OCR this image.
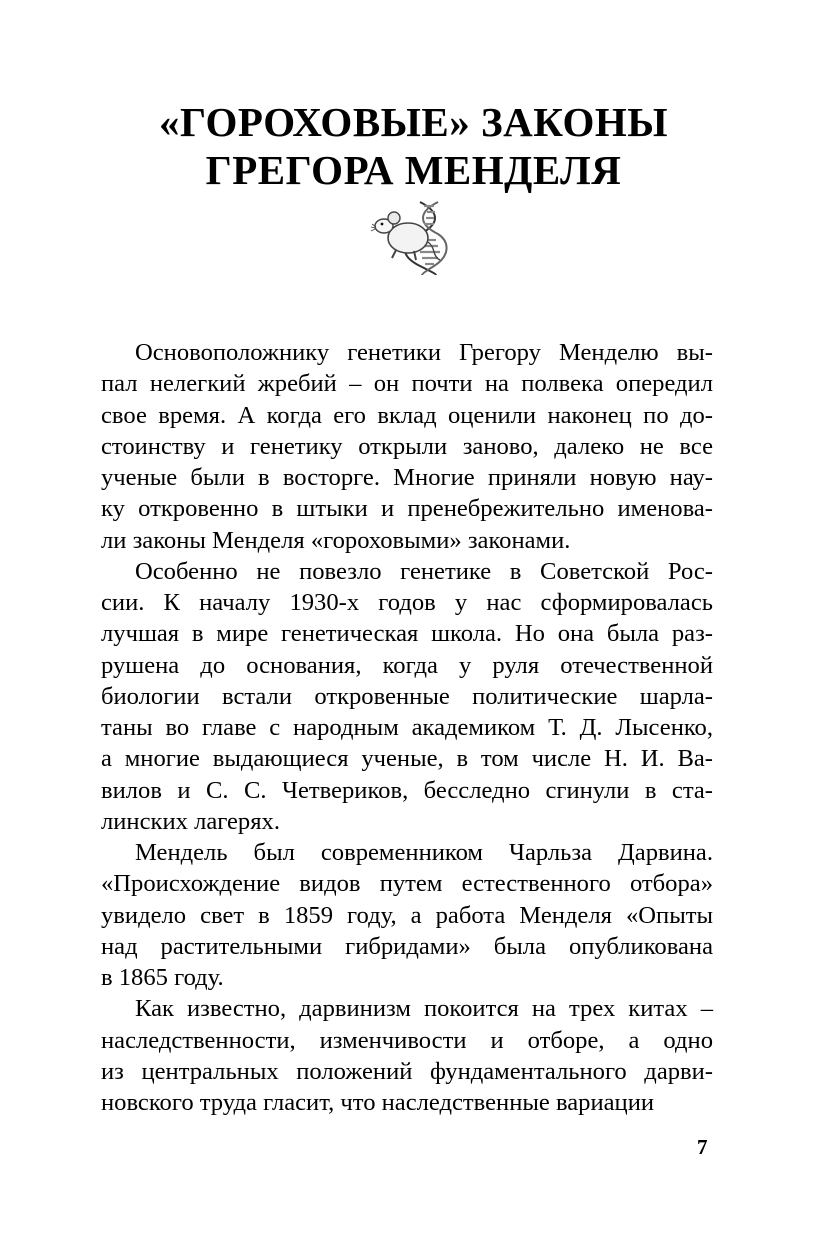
«ГОРОХОВЫЕ» ЗАКОНЫ
ГРЕГОРА МЕНДЕЛЯ
Основоположнику генетики Грегору Менделю вы-
пал нелегкий жребий – он почти на полвека опередил
свое время. А когда его вклад оценили наконец по до-
стоинству и генетику открыли заново, далеко не все
ученые были в восторге. Многие приняли новую нау-
ку откровенно в штыки и пренебрежительно именова-
ли законы Менделя «гороховыми» законами.
Особенно не повезло генетике в Советской Рос-
сии. К началу 1930-х годов у нас сформировалась
лучшая в мире генетическая школа. Но она была раз-
рушена до основания, когда у руля отечественной
биологии встали откровенные политические шарла-
таны во главе с народным академиком Т. Д. Лысенко,
а многие выдающиеся ученые, в том числе Н. И. Ва-
вилов и С. С. Четвериков, бесследно сгинули в ста-
линских лагерях.
Мендель был современником Чарльза Дарвина.
«Происхождение видов путем естественного отбора»
увидело свет в 1859 году, а работа Менделя «Опыты
над растительными гибридами» была опубликована
в 1865 году.
Как известно, дарвинизм покоится на трех китах –
наследственности, изменчивости и отборе, а одно
из центральных положений фундаментального дарви-
новского труда гласит, что наследственные вариации
7
